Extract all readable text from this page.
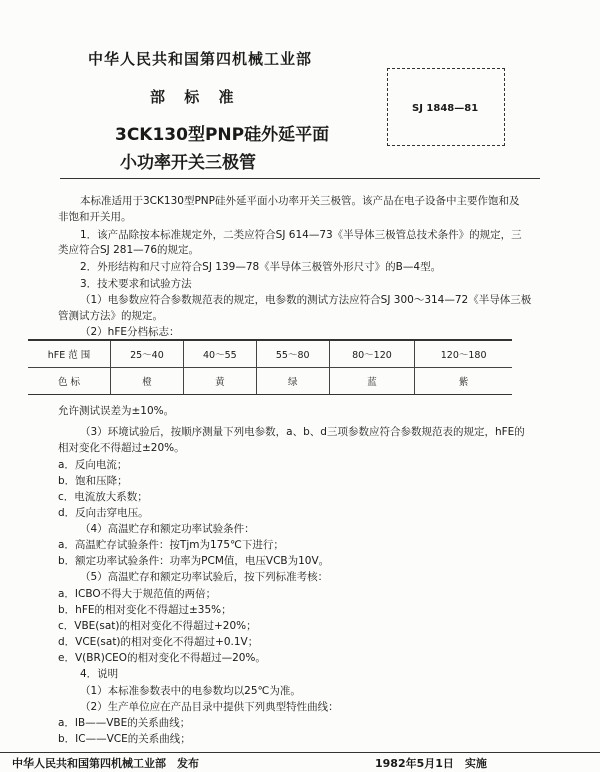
中华人民共和国第四机械工业部
部 标 准
3CK130型PNP硅外延平面
小功率开关三极管
SJ 1848—81
本标准适用于3CK130型PNP硅外延平面小功率开关三极管。该产品在电子设备中主要作饱和及
非饱和开关用。
1．该产品除按本标准规定外，二类应符合SJ 614—73《半导体三极管总技术条件》的规定，三
类应符合SJ 281—76的规定。
2．外形结构和尺寸应符合SJ 139—78《半导体三极管外形尺寸》的B—4型。
3．技术要求和试验方法
（1）电参数应符合参数规范表的规定，电参数的测试方法应符合SJ 300～314—72《半导体三极
管测试方法》的规定。
（2）hFE分档标志：
hFE 范 围	25～40	40～55	55～80	80～120	120～180
色 标	橙	黄	绿	蓝	紫
允许测试误差为±10%。
（3）环境试验后，按顺序测量下列电参数，a、b、d三项参数应符合参数规范表的规定，hFE的
相对变化不得超过±20%。
a．反向电流；
b．饱和压降；
c．电流放大系数；
d．反向击穿电压。
（4）高温贮存和额定功率试验条件：
a．高温贮存试验条件：按Tjm为175℃下进行；
b．额定功率试验条件：功率为PCM值，电压VCB为10V。
（5）高温贮存和额定功率试验后，按下列标准考核：
a．ICBO不得大于规范值的两倍；
b．hFE的相对变化不得超过±35%；
c．VBE(sat)的相对变化不得超过+20%；
d．VCE(sat)的相对变化不得超过+0.1V；
e．V(BR)CEO的相对变化不得超过—20%。
4．说明
（1）本标准参数表中的电参数均以25℃为准。
（2）生产单位应在产品目录中提供下列典型特性曲线：
a．IB——VBE的关系曲线；
b．IC——VCE的关系曲线；
中华人民共和国第四机械工业部　发布	1982年5月1日　实施
